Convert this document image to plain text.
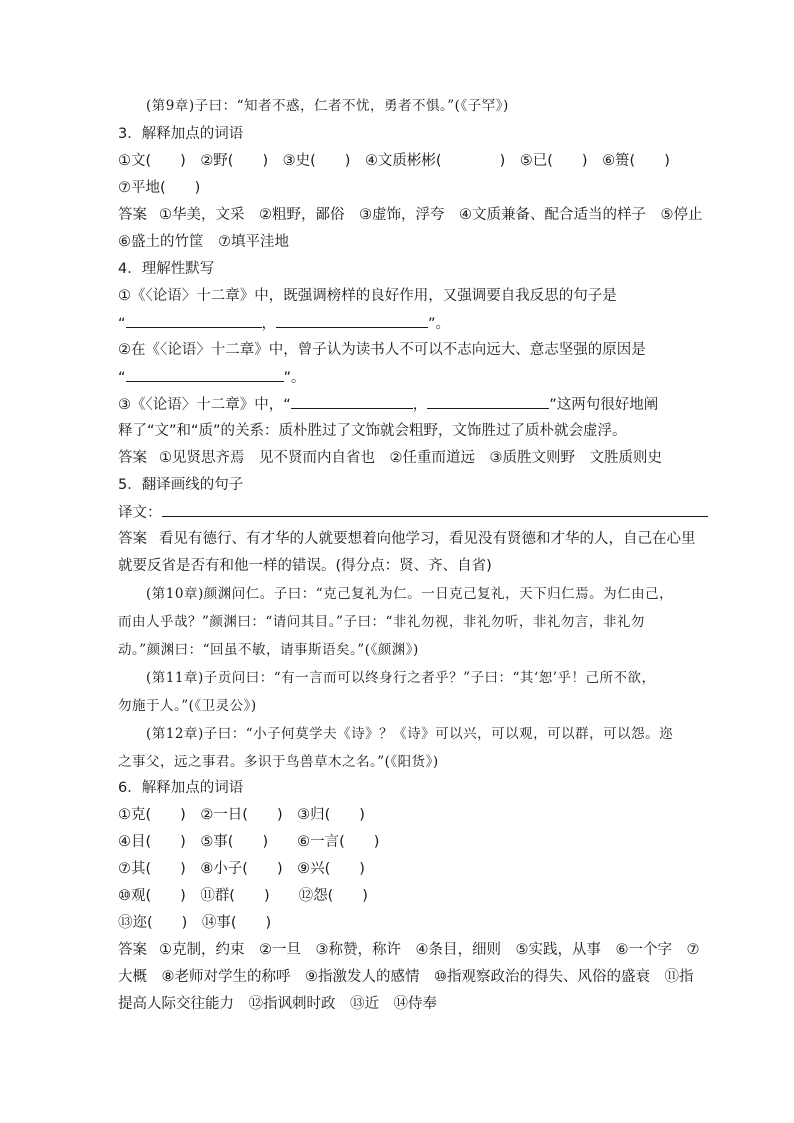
(第9章)子曰：“知者不惑，仁者不忧，勇者不惧。”(《子罕》)
3．解释加点的词语
①文(　　)　②野(　　)　③史(　　)　④文质彬彬(　　　　)　⑤已(　　)　⑥篑(　　)
⑦平地(　　)
答案 ①华美，文采　②粗野，鄙俗　③虚饰，浮夸　④文质兼备、配合适当的样子　⑤停止
⑥盛土的竹筐　⑦填平洼地
4．理解性默写
①《〈论语〉十二章》中，既强调榜样的良好作用，又强调要自我反思的句子是
“	，	”。
②在《〈论语〉十二章》中，曾子认为读书人不可以不志向远大、意志坚强的原因是
“	”。
③《〈论语〉十二章》中，“	，	”这两句很好地阐
释了“文”和“质”的关系：质朴胜过了文饰就会粗野，文饰胜过了质朴就会虚浮。
答案 ①见贤思齐焉　见不贤而内自省也　②任重而道远　③质胜文则野　文胜质则史
5．翻译画线的句子
译文：
答案 看见有德行、有才华的人就要想着向他学习，看见没有贤德和才华的人，自己在心里
就要反省是否有和他一样的错误。(得分点：贤、齐、自省)
(第10章)颜渊问仁。子曰：“克己复礼为仁。一日克己复礼，天下归仁焉。为仁由己，
而由人乎哉？”颜渊曰：“请问其目。”子曰：“非礼勿视，非礼勿听，非礼勿言，非礼勿
动。”颜渊曰：“回虽不敏，请事斯语矣。”(《颜渊》)
(第11章)子贡问曰：“有一言而可以终身行之者乎？”子曰：“其‘恕’乎！己所不欲，
勿施于人。”(《卫灵公》)
(第12章)子曰：“小子何莫学夫《诗》？《诗》可以兴，可以观，可以群，可以怨。迩
之事父，远之事君。多识于鸟兽草木之名。”(《阳货》)
6．解释加点的词语
①克(　　)　②一日(　　)　③归(　　)
④目(　　)　⑤事(　　)　　⑥一言(　　)
⑦其(　　)　⑧小子(　　)　⑨兴(　　)
⑩观(　　)　⑪群(　　)　　⑫怨(　　)
⑬迩(　　)　⑭事(　　)
答案 ①克制，约束　②一旦　③称赞，称许　④条目，细则　⑤实践，从事　⑥一个字　⑦
大概　⑧老师对学生的称呼　⑨指激发人的感情　⑩指观察政治的得失、风俗的盛衰　⑪指
提高人际交往能力　⑫指讽刺时政　⑬近　⑭侍奉
